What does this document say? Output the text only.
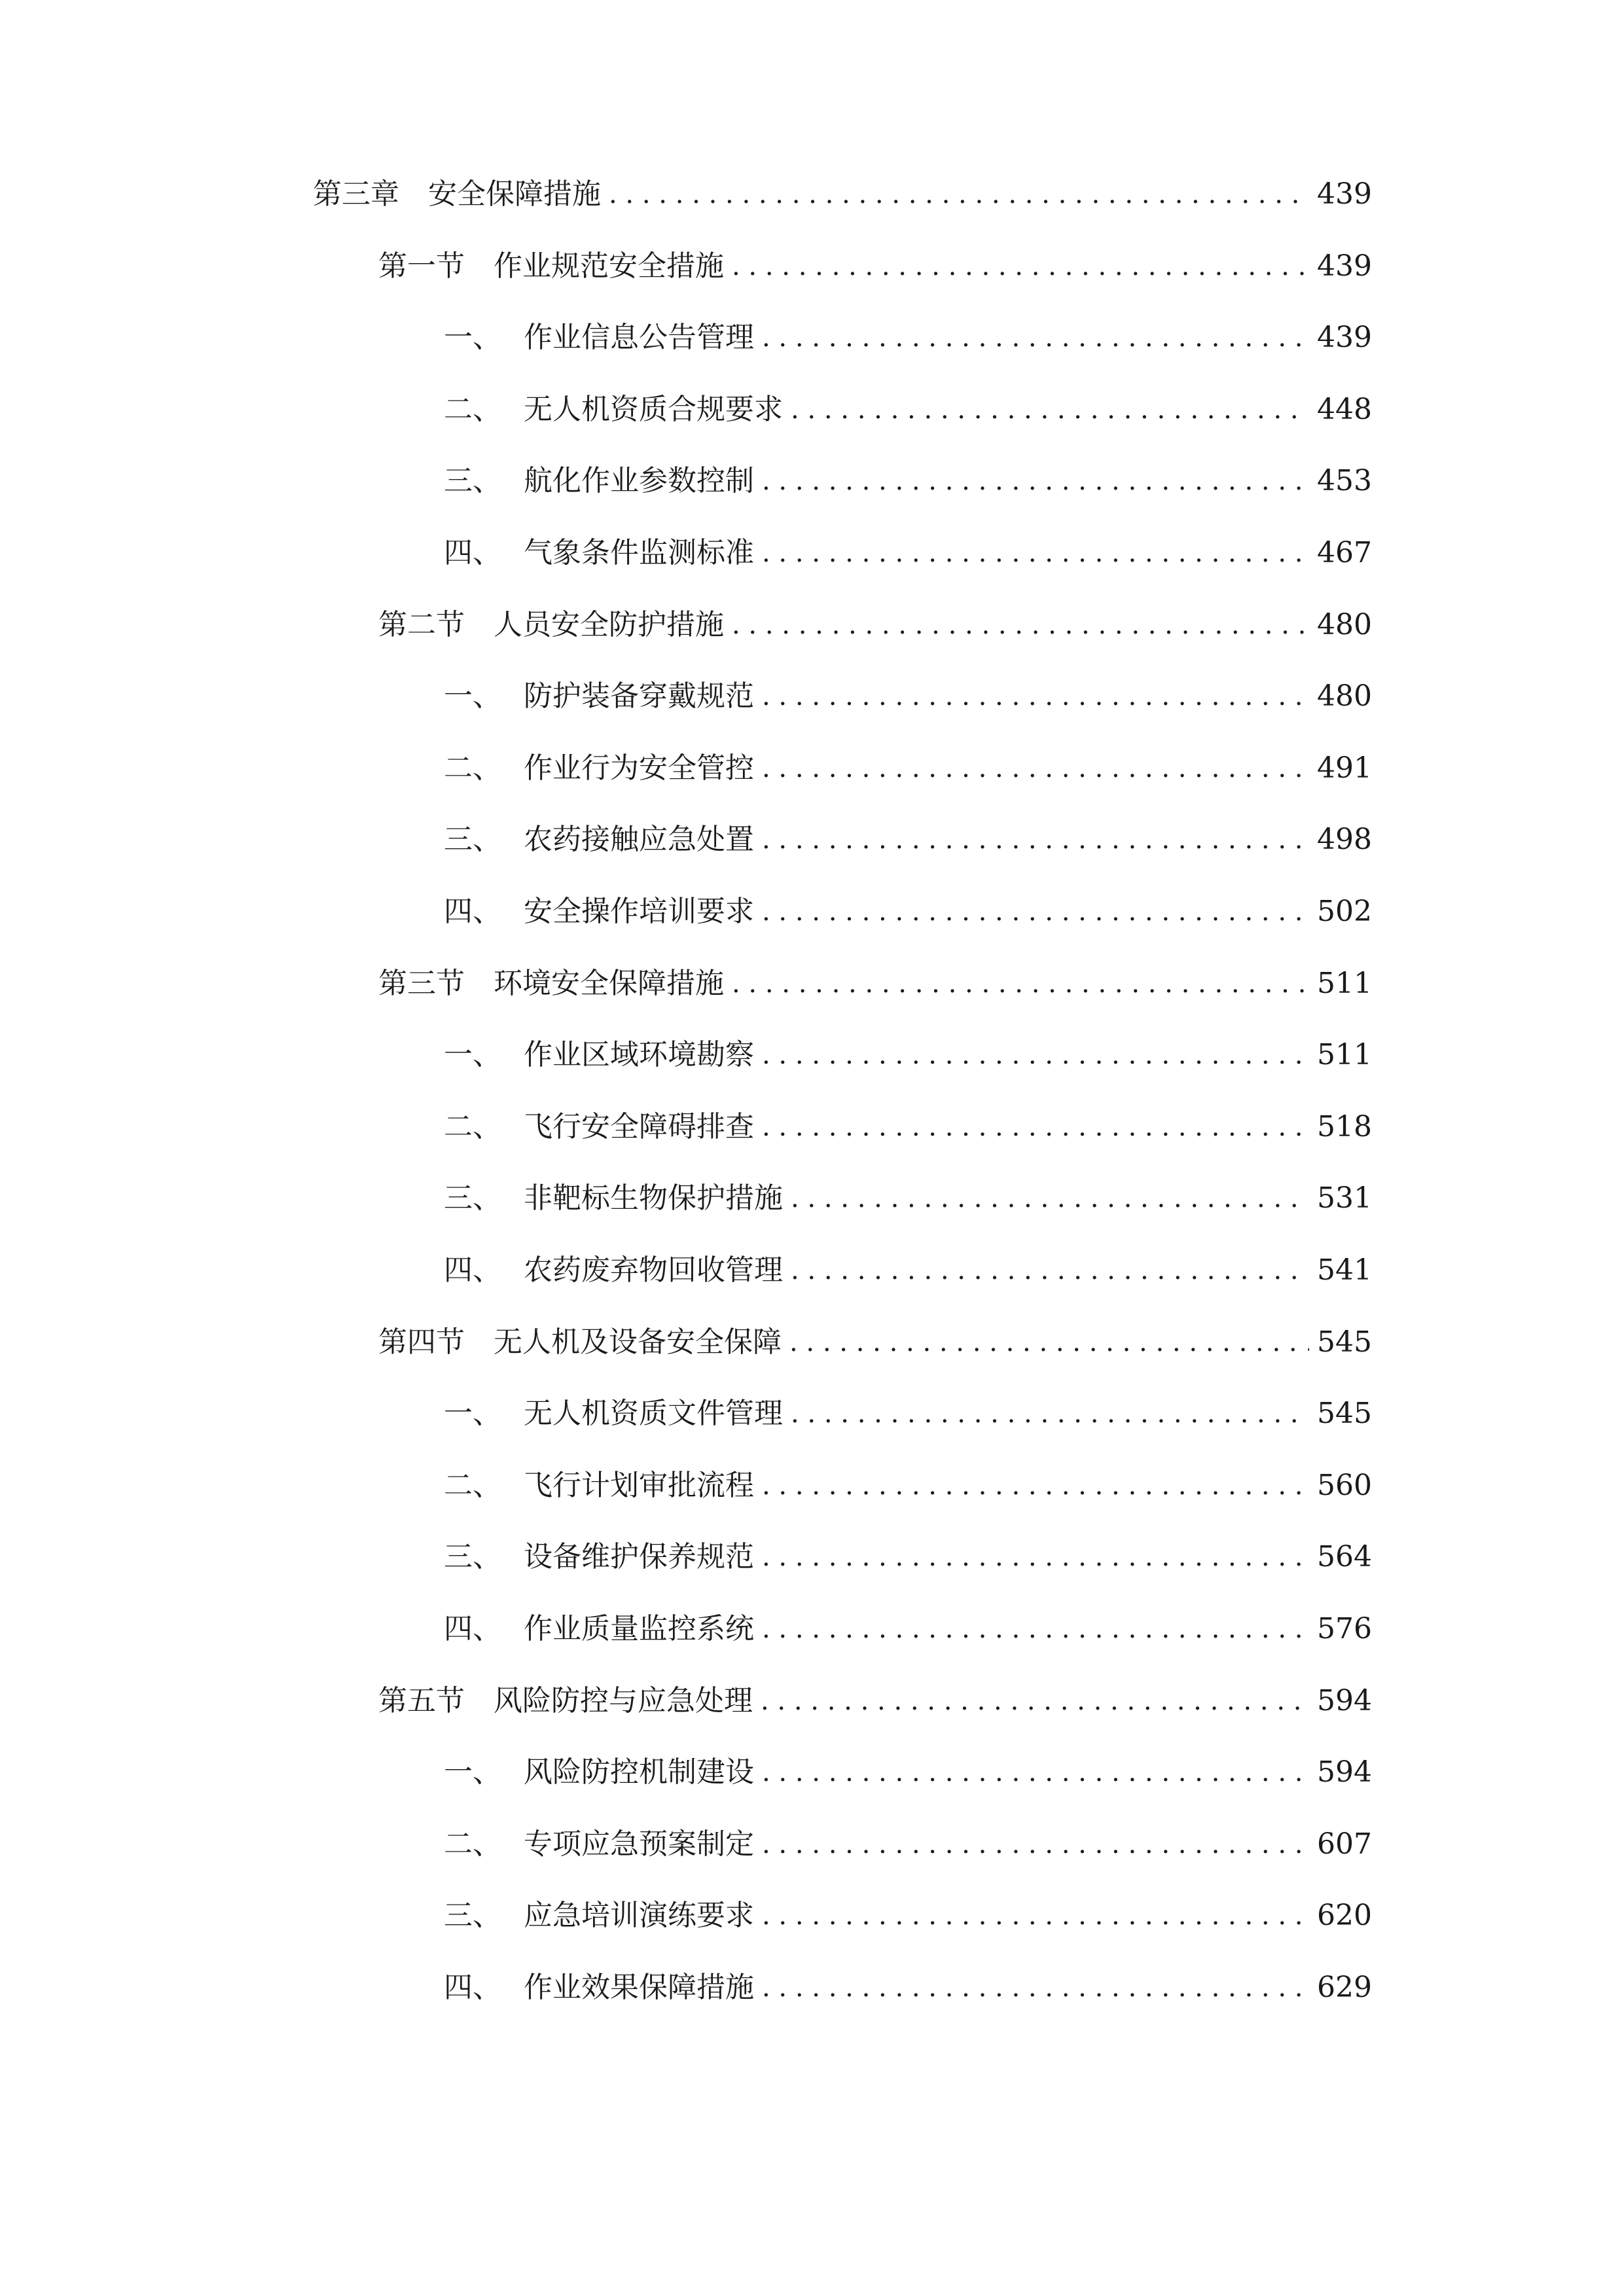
第三章	安全保障措施 . . .	439
第一节	作业规范安全措施 . . .	439
一、 作业信息公告管理 . . .	439
二、 无人机资质合规要求 . . .	448
三、 航化作业参数控制 . . .	453
四、 气象条件监测标准 . . .	467
第二节	人员安全防护措施 . . .	480
一、 防护装备穿戴规范 . . .	480
二、 作业行为安全管控 . . .	491
三、 农药接触应急处置 . . .	498
四、 安全操作培训要求 . . .	502
第三节	环境安全保障措施 . . .	511
一、 作业区域环境勘察 . . .	511
二、 飞行安全障碍排查 . . .	518
三、 非靶标生物保护措施 . . .	531
四、 农药废弃物回收管理 . . .	541
第四节	无人机及设备安全保障 . . .	545
一、 无人机资质文件管理 . . .	545
二、 飞行计划审批流程 . . .	560
三、 设备维护保养规范 . . .	564
四、 作业质量监控系统 . . .	576
第五节	风险防控与应急处理 . . .	594
一、 风险防控机制建设 . . .	594
二、 专项应急预案制定 . . .	607
三、 应急培训演练要求 . . .	620
四、 作业效果保障措施 . . .	629
